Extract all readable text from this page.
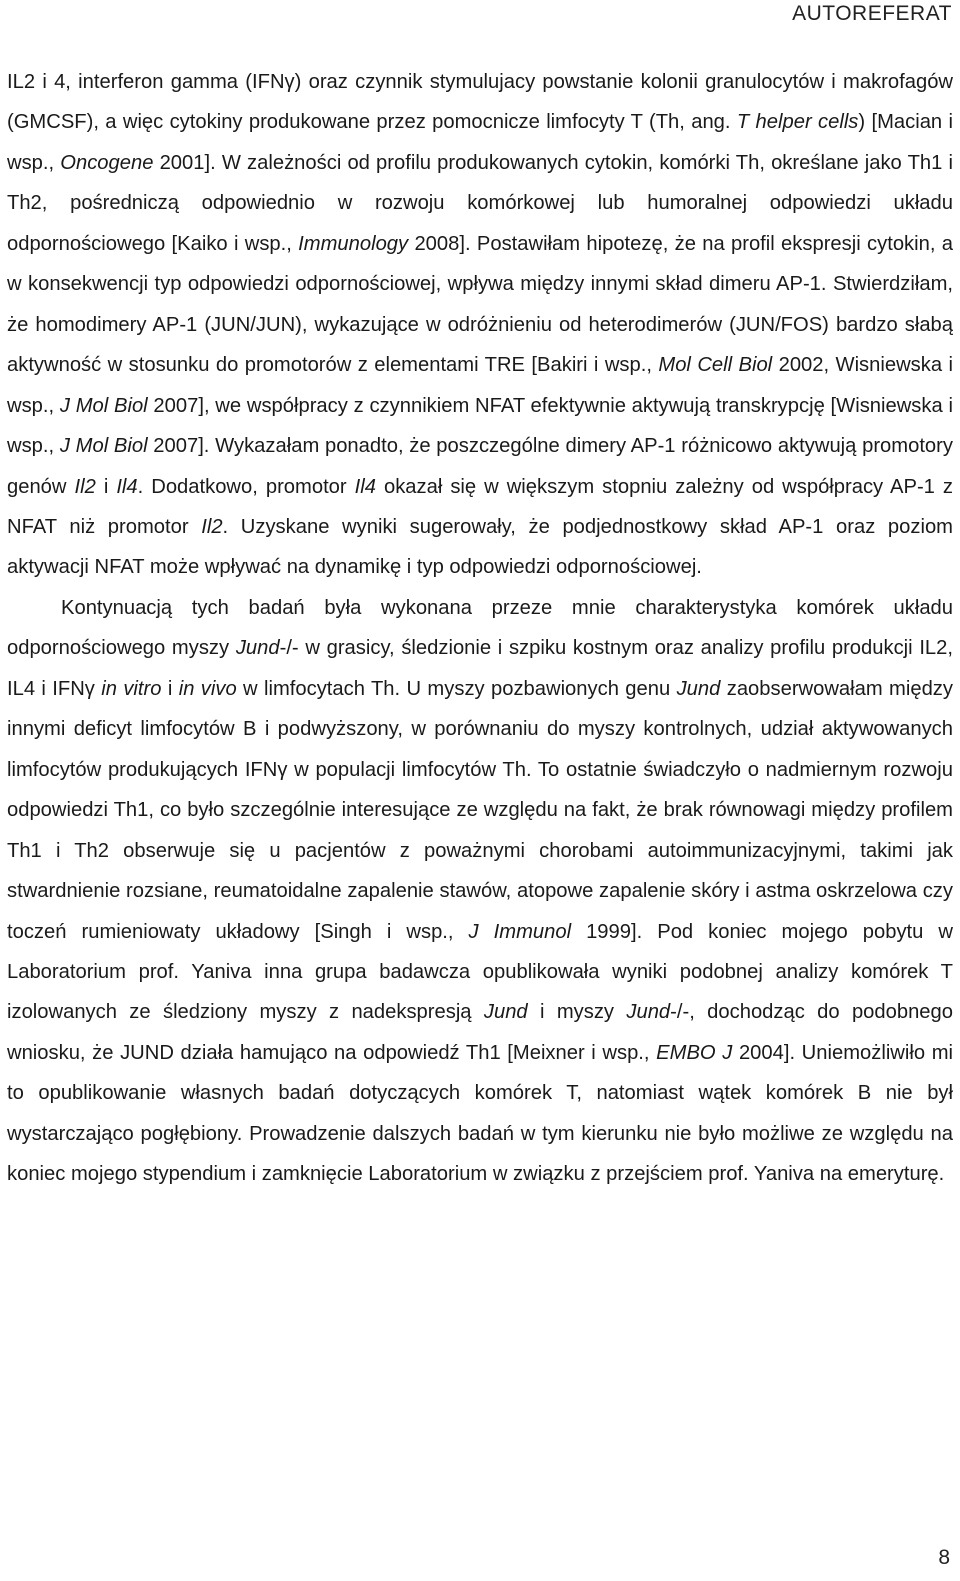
AUTOREFERAT

IL2 i 4, interferon gamma (IFNγ) oraz czynnik stymulujacy powstanie kolonii granulocytów i makrofagów (GMCSF), a więc cytokiny produkowane przez pomocnicze limfocyty T (Th, ang. T helper cells) [Macian i wsp., Oncogene 2001]. W zależności od profilu produkowanych cytokin, komórki Th, określane jako Th1 i Th2, pośredniczą odpowiednio w rozwoju komórkowej lub humoralnej odpowiedzi układu odpornościowego [Kaiko i wsp., Immunology 2008]. Postawiłam hipotezę, że na profil ekspresji cytokin, a w konsekwencji typ odpowiedzi odpornościowej, wpływa między innymi skład dimeru AP-1. Stwierdziłam, że homodimery AP-1 (JUN/JUN), wykazujące w odróżnieniu od heterodimerów (JUN/FOS) bardzo słabą aktywność w stosunku do promotorów z elementami TRE [Bakiri i wsp., Mol Cell Biol 2002, Wisniewska i wsp., J Mol Biol 2007], we współpracy z czynnikiem NFAT efektywnie aktywują transkrypcję [Wisniewska i wsp., J Mol Biol 2007]. Wykazałam ponadto, że poszczególne dimery AP-1 różnicowo aktywują promotory genów Il2 i Il4. Dodatkowo, promotor Il4 okazał się w większym stopniu zależny od współpracy AP-1 z NFAT niż promotor Il2. Uzyskane wyniki sugerowały, że podjednostkowy skład AP-1 oraz poziom aktywacji NFAT może wpływać na dynamikę i typ odpowiedzi odpornościowej.

Kontynuacją tych badań była wykonana przeze mnie charakterystyka komórek układu odpornościowego myszy Jund-/- w grasicy, śledzionie i szpiku kostnym oraz analizy profilu produkcji IL2, IL4 i IFNγ in vitro i in vivo w limfocytach Th. U myszy pozbawionych genu Jund zaobserwowałam między innymi deficyt limfocytów B i podwyższony, w porównaniu do myszy kontrolnych, udział aktywowanych limfocytów produkujących IFNγ w populacji limfocytów Th. To ostatnie świadczyło o nadmiernym rozwoju odpowiedzi Th1, co było szczególnie interesujące ze względu na fakt, że brak równowagi między profilem Th1 i Th2 obserwuje się u pacjentów z poważnymi chorobami autoimmunizacyjnymi, takimi jak stwardnienie rozsiane, reumatoidalne zapalenie stawów, atopowe zapalenie skóry i astma oskrzelowa czy toczeń rumieniowaty układowy [Singh i wsp., J Immunol 1999]. Pod koniec mojego pobytu w Laboratorium prof. Yaniva inna grupa badawcza opublikowała wyniki podobnej analizy komórek T izolowanych ze śledziony myszy z nadekspresją Jund i myszy Jund-/-, dochodząc do podobnego wniosku, że JUND działa hamująco na odpowiedź Th1 [Meixner i wsp., EMBO J 2004]. Uniemożliwiło mi to opublikowanie własnych badań dotyczących komórek T, natomiast wątek komórek B nie był wystarczająco pogłębiony. Prowadzenie dalszych badań w tym kierunku nie było możliwe ze względu na koniec mojego stypendium i zamknięcie Laboratorium w związku z przejściem prof. Yaniva na emeryturę.

8
